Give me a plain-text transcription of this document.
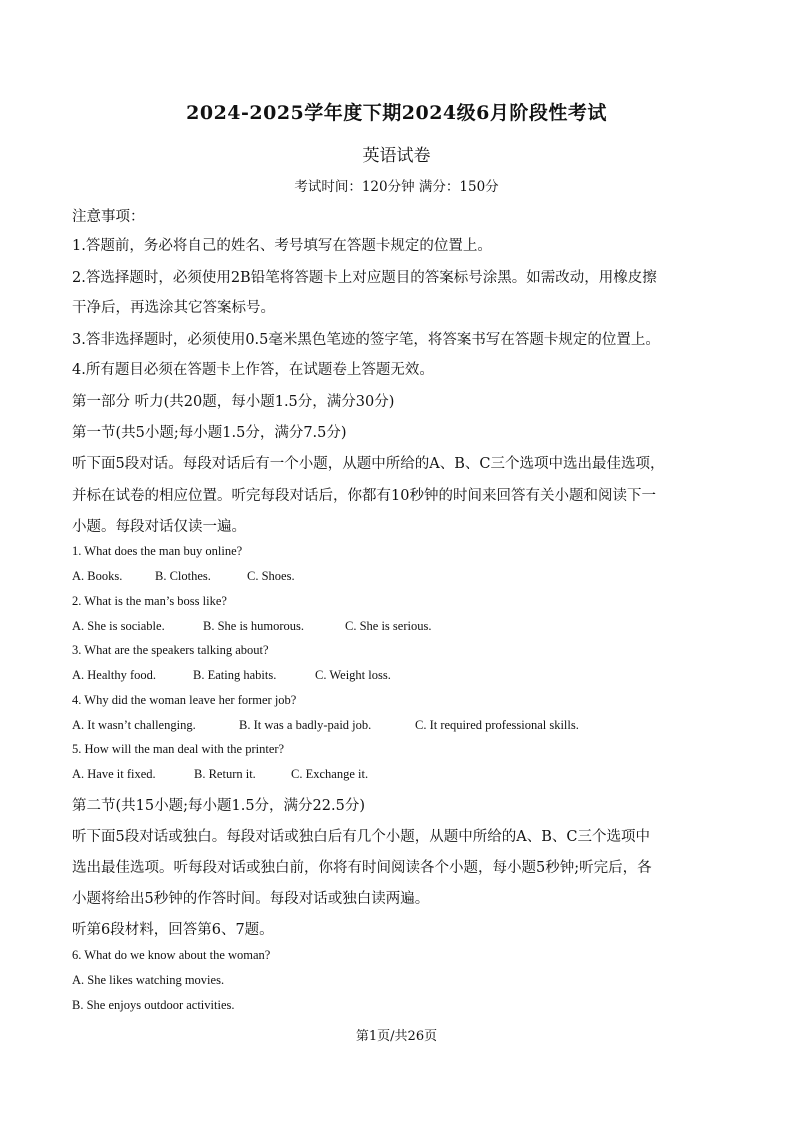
2024-2025学年度下期2024级6月阶段性考试
英语试卷
考试时间：120分钟 满分：150分
注意事项：
1.答题前，务必将自己的姓名、考号填写在答题卡规定的位置上。
2.答选择题时，必须使用2B铅笔将答题卡上对应题目的答案标号涂黑。如需改动，用橡皮擦
干净后，再选涂其它答案标号。
3.答非选择题时，必须使用0.5毫米黑色笔迹的签字笔，将答案书写在答题卡规定的位置上。
4.所有题目必须在答题卡上作答，在试题卷上答题无效。
第一部分 听力(共20题，每小题1.5分，满分30分)
第一节(共5小题;每小题1.5分，满分7.5分)
听下面5段对话。每段对话后有一个小题，从题中所给的A、B、C三个选项中选出最佳选项，
并标在试卷的相应位置。听完每段对话后，你都有10秒钟的时间来回答有关小题和阅读下一
小题。每段对话仅读一遍。
1. What does the man buy online?
A. Books.	B. Clothes.	C. Shoes.
2. What is the man’s boss like?
A. She is sociable.	B. She is humorous.	C. She is serious.
3. What are the speakers talking about?
A. Healthy food.	B. Eating habits.	C. Weight loss.
4. Why did the woman leave her former job?
A. It wasn’t challenging.	B. It was a badly-paid job.	C. It required professional skills.
5. How will the man deal with the printer?
A. Have it fixed.	B. Return it.	C. Exchange it.
第二节(共15小题;每小题1.5分，满分22.5分)
听下面5段对话或独白。每段对话或独白后有几个小题，从题中所给的A、B、C三个选项中
选出最佳选项。听每段对话或独白前，你将有时间阅读各个小题，每小题5秒钟;听完后，各
小题将给出5秒钟的作答时间。每段对话或独白读两遍。
听第6段材料，回答第6、7题。
6. What do we know about the woman?
A. She likes watching movies.
B. She enjoys outdoor activities.
第1页/共26页
